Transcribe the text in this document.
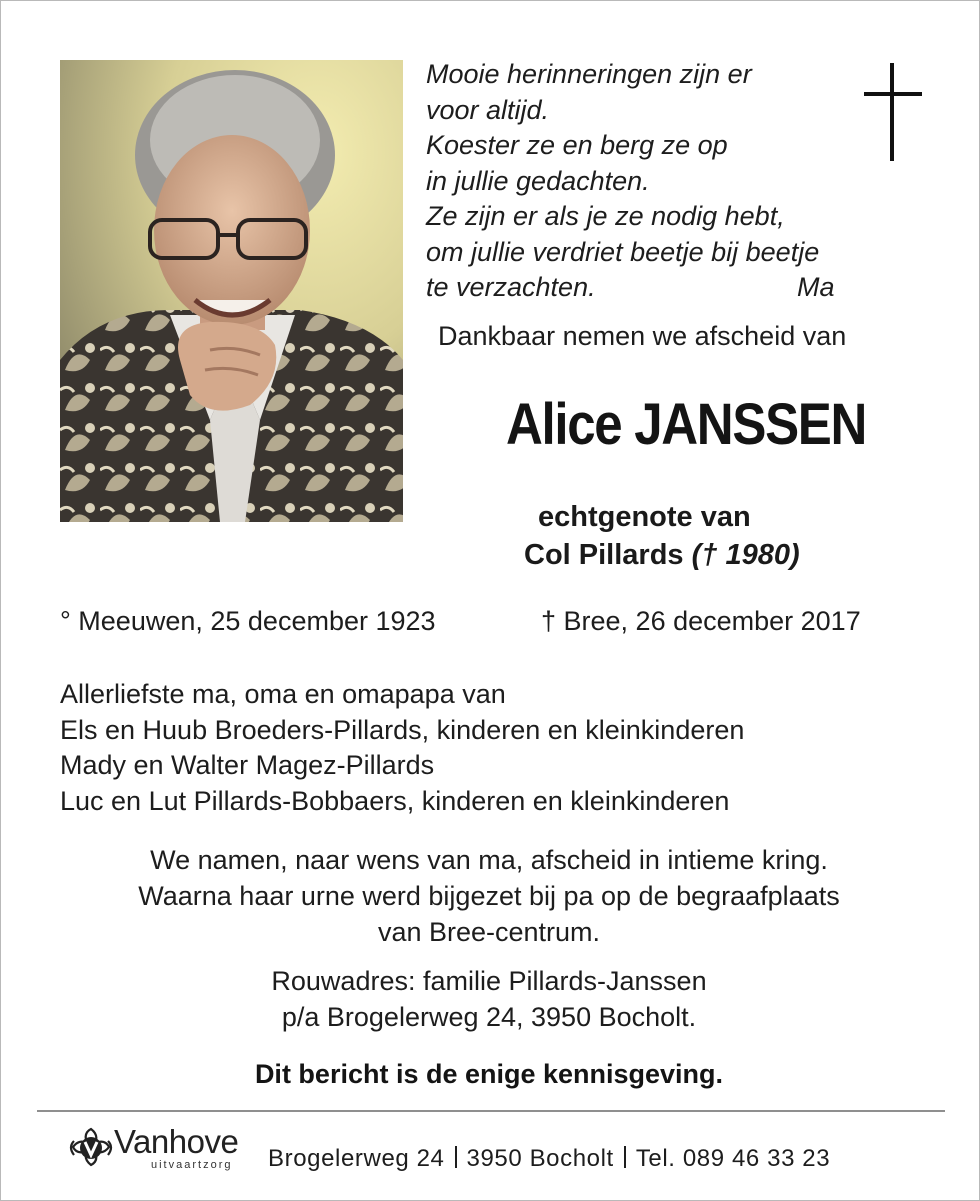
Mooie herinneringen zijn er
voor altijd.
Koester ze en berg ze op
in jullie gedachten.
Ze zijn er als je ze nodig hebt,
om jullie verdriet beetje bij beetje
te verzachten.	Ma
Dankbaar nemen we afscheid van
Alice JANSSEN
echtgenote van
Col Pillards († 1980)
° Meeuwen, 25 december 1923	† Bree, 26 december 2017
Allerliefste ma, oma en omapapa van
Els en Huub Broeders-Pillards, kinderen en kleinkinderen
Mady en Walter Magez-Pillards
Luc en Lut Pillards-Bobbaers, kinderen en kleinkinderen
We namen, naar wens van ma, afscheid in intieme kring.
Waarna haar urne werd bijgezet bij pa op de begraafplaats
van Bree-centrum.
Rouwadres: familie Pillards-Janssen
p/a Brogelerweg 24, 3950 Bocholt.
Dit bericht is de enige kennisgeving.
Vanhove
uitvaartzorg Brogelerweg 24 3950 Bocholt Tel. 089 46 33 23
